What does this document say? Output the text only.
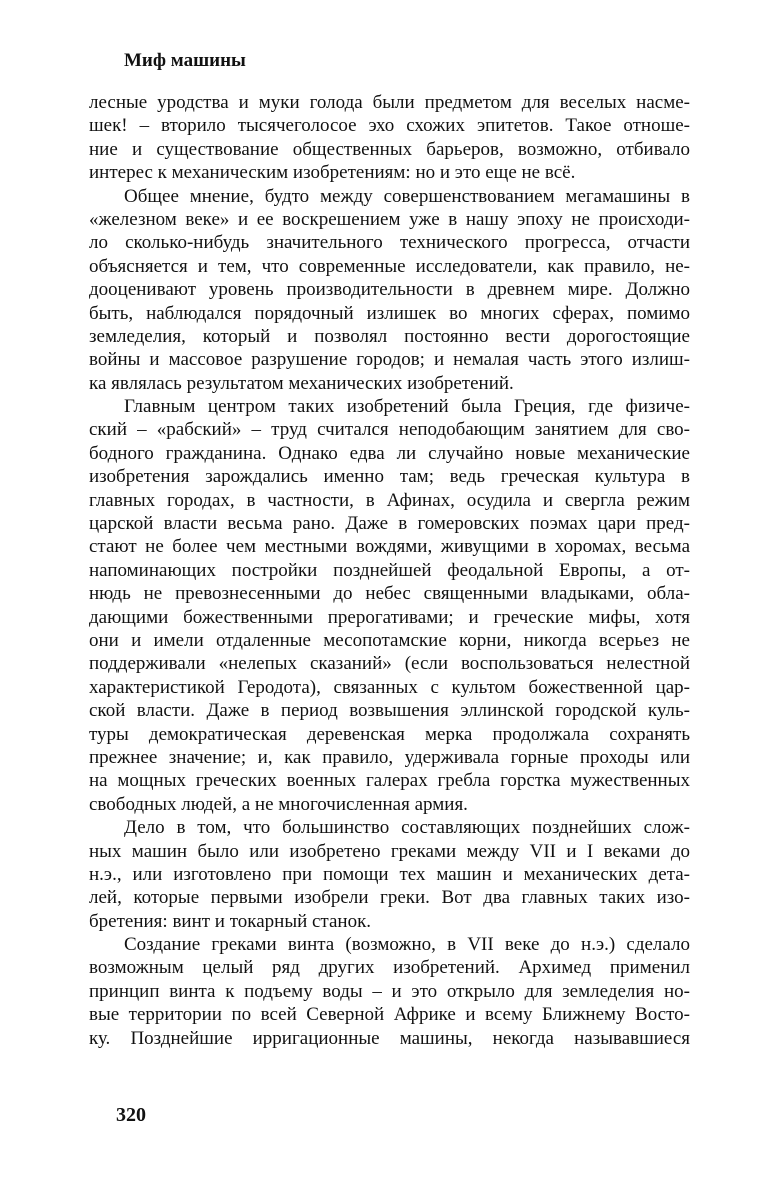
Миф машины

лесные уродства и муки голода были предметом для веселых насме-
шек! – вторило тысячеголосое эхо схожих эпитетов. Такое отноше-
ние и существование общественных барьеров, возможно, отбивало
интерес к механическим изобретениям: но и это еще не всё.

Общее мнение, будто между совершенствованием мегамашины в
«железном веке» и ее воскрешением уже в нашу эпоху не происходи-
ло сколько-нибудь значительного технического прогресса, отчасти
объясняется и тем, что современные исследователи, как правило, не-
дооценивают уровень производительности в древнем мире. Должно
быть, наблюдался порядочный излишек во многих сферах, помимо
земледелия, который и позволял постоянно вести дорогостоящие
войны и массовое разрушение городов; и немалая часть этого излиш-
ка являлась результатом механических изобретений.

Главным центром таких изобретений была Греция, где физиче-
ский – «рабский» – труд считался неподобающим занятием для сво-
бодного гражданина. Однако едва ли случайно новые механические
изобретения зарождались именно там; ведь греческая культура в
главных городах, в частности, в Афинах, осудила и свергла режим
царской власти весьма рано. Даже в гомеровских поэмах цари пред-
стают не более чем местными вождями, живущими в хоромах, весьма
напоминающих постройки позднейшей феодальной Европы, а от-
нюдь не превознесенными до небес священными владыками, обла-
дающими божественными прерогативами; и греческие мифы, хотя
они и имели отдаленные месопотамские корни, никогда всерьез не
поддерживали «нелепых сказаний» (если воспользоваться нелестной
характеристикой Геродота), связанных с культом божественной цар-
ской власти. Даже в период возвышения эллинской городской куль-
туры демократическая деревенская мерка продолжала сохранять
прежнее значение; и, как правило, удерживала горные проходы или
на мощных греческих военных галерах гребла горстка мужественных
свободных людей, а не многочисленная армия.

Дело в том, что большинство составляющих позднейших слож-
ных машин было или изобретено греками между VII и I веками до
н.э., или изготовлено при помощи тех машин и механических дета-
лей, которые первыми изобрели греки. Вот два главных таких изо-
бретения: винт и токарный станок.

Создание греками винта (возможно, в VII веке до н.э.) сделало
возможным целый ряд других изобретений. Архимед применил
принцип винта к подъему воды – и это открыло для земледелия но-
вые территории по всей Северной Африке и всему Ближнему Восто-
ку. Позднейшие ирригационные машины, некогда называвшиеся

320
